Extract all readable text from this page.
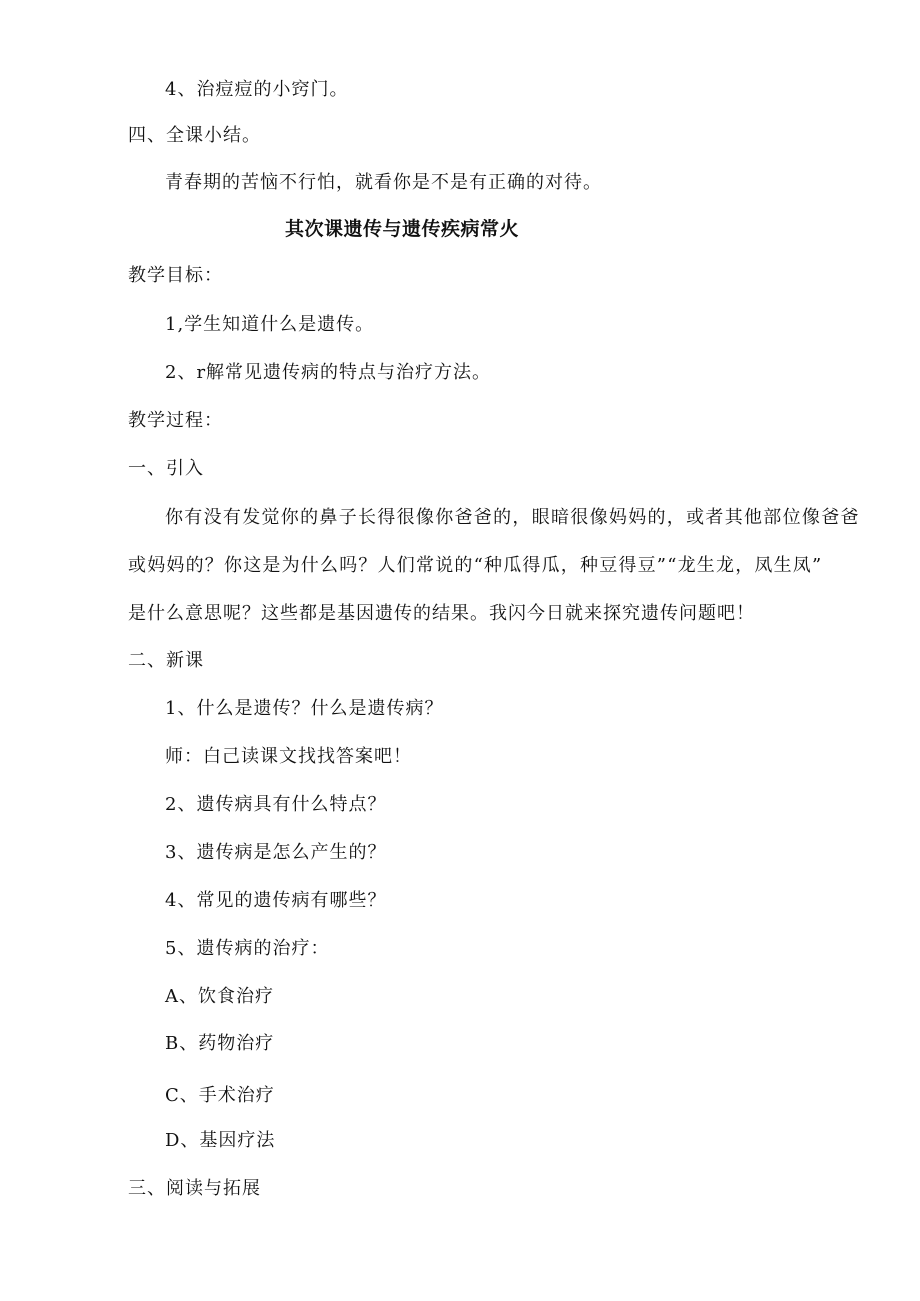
4、治痘痘的小窍门。
四、全课小结。
青春期的苦恼不行怕，就看你是不是有正确的对待。
其次课遗传与遗传疾病常火
教学目标：
1,学生知道什么是遗传。
2、r解常见遗传病的特点与治疗方法。
教学过程：
一、引入
你有没有发觉你的鼻子长得很像你爸爸的，眼暗很像妈妈的，或者其他部位像爸爸
或妈妈的？你这是为什么吗？人们常说的“种瓜得瓜，种豆得豆”“龙生龙，凤生凤”
是什么意思呢？这些都是基因遗传的结果。我闪今日就来探究遗传问题吧！
二、新课
1、什么是遗传？什么是遗传病？
师：白己读课文找找答案吧！
2、遗传病具有什么特点？
3、遗传病是怎么产生的？
4、常见的遗传病有哪些？
5、遗传病的治疗：
A、饮食治疗
B、药物治疗
C、手术治疗
D、基因疗法
三、阅读与拓展
